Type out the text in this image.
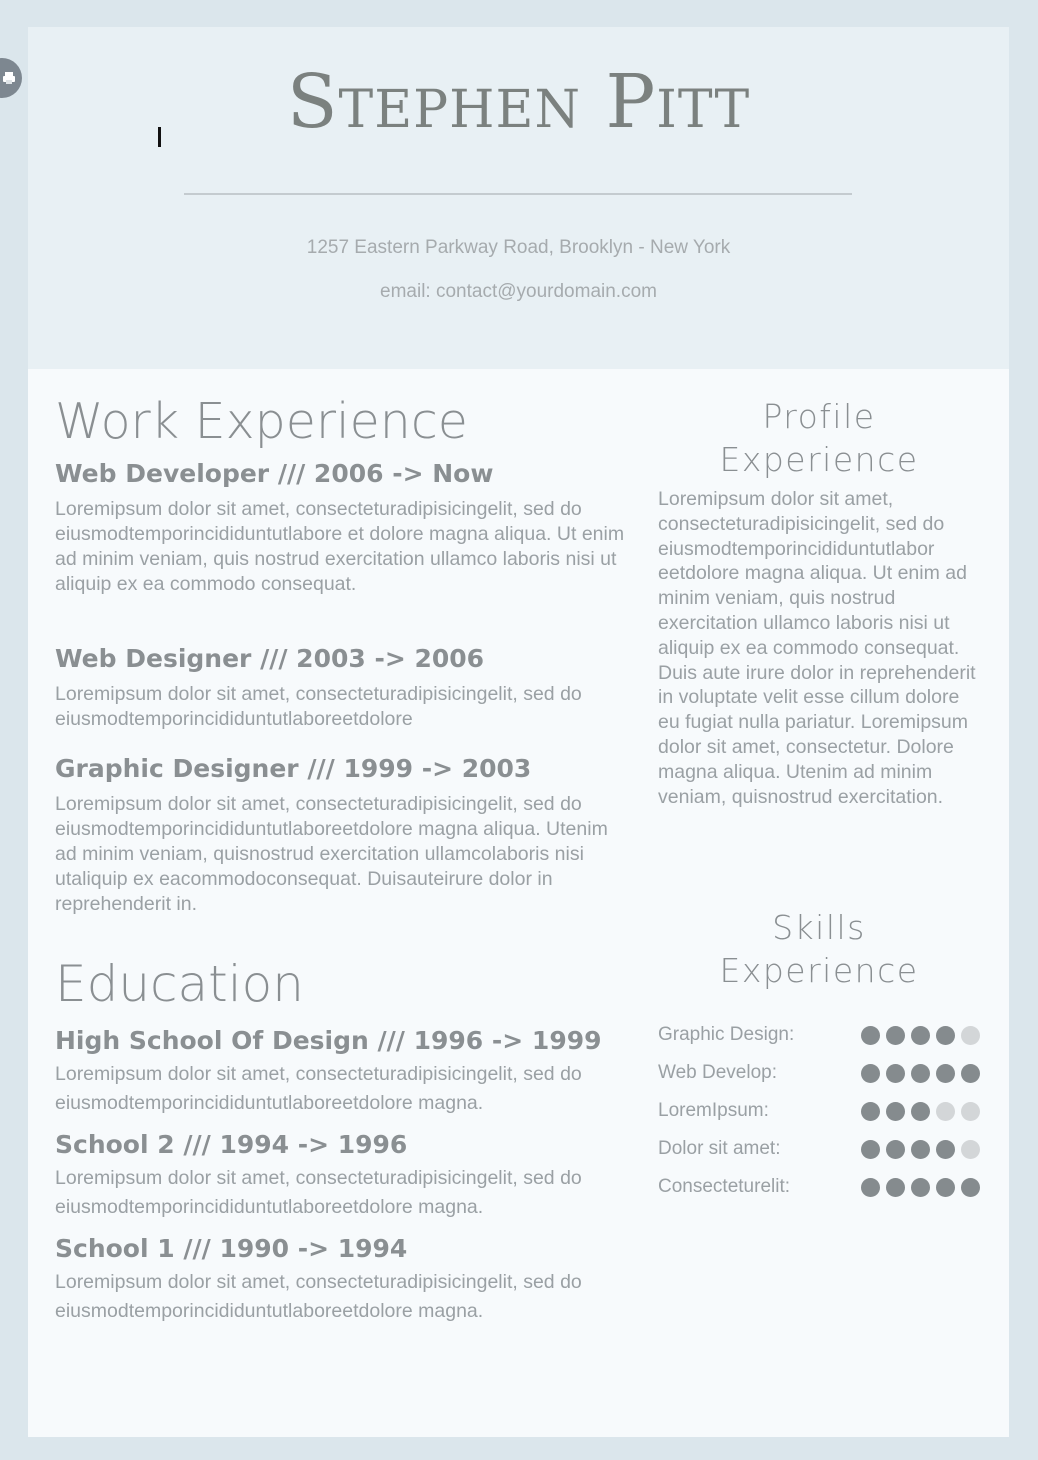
Stephen Pitt
1257 Eastern Parkway Road, Brooklyn - New York
email: contact@yourdomain.com
Work Experience
Web Developer /// 2006 -> Now

Loremipsum dolor sit amet, consecteturadipisicingelit, sed do eiusmodtemporincididuntutlabore et dolore magna aliqua. Ut enim ad minim veniam, quis nostrud exercitation ullamco laboris nisi ut aliquip ex ea commodo consequat.

Web Designer /// 2003 -> 2006

Loremipsum dolor sit amet, consecteturadipisicingelit, sed do eiusmodtemporincididuntutlaboreetdolore

Graphic Designer /// 1999 -> 2003

Loremipsum dolor sit amet, consecteturadipisicingelit, sed do eiusmodtemporincididuntutlaboreetdolore magna aliqua. Utenim ad minim veniam, quisnostrud exercitation ullamcolaboris nisi utaliquip ex eacommodoconsequat. Duisauteirure dolor in reprehenderit in.

Education
High School Of Design /// 1996 -> 1999

Loremipsum dolor sit amet, consecteturadipisicingelit, sed do eiusmodtemporincididuntutlaboreetdolore magna.

School 2 /// 1994 -> 1996

Loremipsum dolor sit amet, consecteturadipisicingelit, sed do eiusmodtemporincididuntutlaboreetdolore magna.

School 1 /// 1990 -> 1994

Loremipsum dolor sit amet, consecteturadipisicingelit, sed do eiusmodtemporincididuntutlaboreetdolore magna.

Profile
Experience

Loremipsum dolor sit amet, consecteturadipisicingelit, sed do eiusmodtemporincididuntutlabor eetdolore magna aliqua. Ut enim ad minim veniam, quis nostrud exercitation ullamco laboris nisi ut aliquip ex ea commodo consequat. Duis aute irure dolor in reprehenderit in voluptate velit esse cillum dolore eu fugiat nulla pariatur. Loremipsum dolor sit amet, consectetur. Dolore magna aliqua. Utenim ad minim veniam, quisnostrud exercitation.

Skills
Experience
Graphic Design:
Web Develop:
LoremIpsum:
Dolor sit amet:
Consecteturelit:
